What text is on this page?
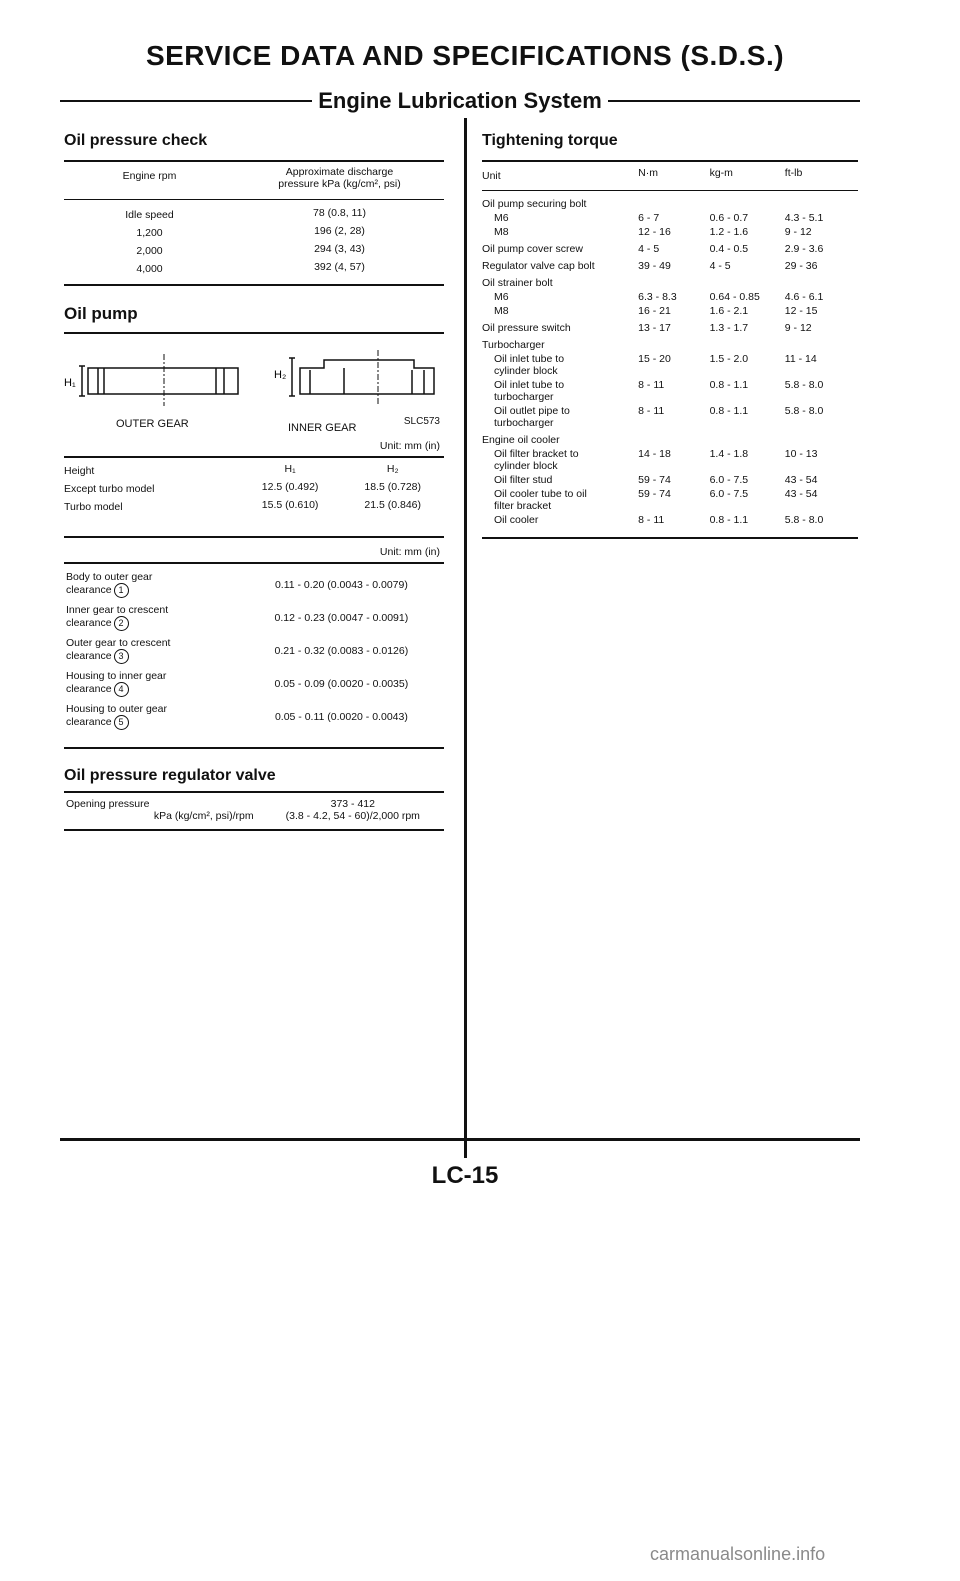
SERVICE DATA AND SPECIFICATIONS (S.D.S.)
Engine Lubrication System
Oil pressure check
Engine rpm	Approximate discharge
pressure kPa (kg/cm², psi)
Idle speed	78 (0.8, 11)
1,200	196 (2, 28)
2,000	294 (3, 43)
4,000	392 (4, 57)
Oil pump
H₁
H₂
OUTER GEAR	INNER GEAR
SLC573
Unit: mm (in)
Height	H₁	H₂
Except turbo model	12.5 (0.492)	18.5 (0.728)
Turbo model	15.5 (0.610)	21.5 (0.846)
Unit: mm (in)
Body to outer gear
clearance 1	0.11 - 0.20 (0.0043 - 0.0079)

Inner gear to crescent
clearance 2	0.12 - 0.23 (0.0047 - 0.0091)

Outer gear to crescent
clearance 3	0.21 - 0.32 (0.0083 - 0.0126)

Housing to inner gear
clearance 4	0.05 - 0.09 (0.0020 - 0.0035)

Housing to outer gear
clearance 5	0.05 - 0.11 (0.0020 - 0.0043)
Oil pressure regulator valve
Opening pressure
kPa (kg/cm², psi)/rpm

373 - 412
(3.8 - 4.2, 54 - 60)/2,000 rpm
Tightening torque
Unit	N·m	kg-m	ft-lb
Oil pump securing bolt			

M6	6 - 7	0.6 - 0.7	4.3 - 5.1

M8	12 - 16	1.2 - 1.6	9 - 12

Oil pump cover screw	4 - 5	0.4 - 0.5	2.9 - 3.6

Regulator valve cap bolt	39 - 49	4 - 5	29 - 36

Oil strainer bolt			

M6	6.3 - 8.3	0.64 - 0.85	4.6 - 6.1

M8	16 - 21	1.6 - 2.1	12 - 15

Oil pressure switch	13 - 17	1.3 - 1.7	9 - 12

Turbocharger			

Oil inlet tube to
cylinder block	15 - 20	1.5 - 2.0	11 - 14

Oil inlet tube to
turbocharger	8 - 11	0.8 - 1.1	5.8 - 8.0

Oil outlet pipe to
turbocharger	8 - 11	0.8 - 1.1	5.8 - 8.0

Engine oil cooler			

Oil filter bracket to
cylinder block	14 - 18	1.4 - 1.8	10 - 13

Oil filter stud	59 - 74	6.0 - 7.5	43 - 54

Oil cooler tube to oil
filter bracket	59 - 74	6.0 - 7.5	43 - 54

Oil cooler	8 - 11	0.8 - 1.1	5.8 - 8.0
LC-15
carmanualsonline.info
